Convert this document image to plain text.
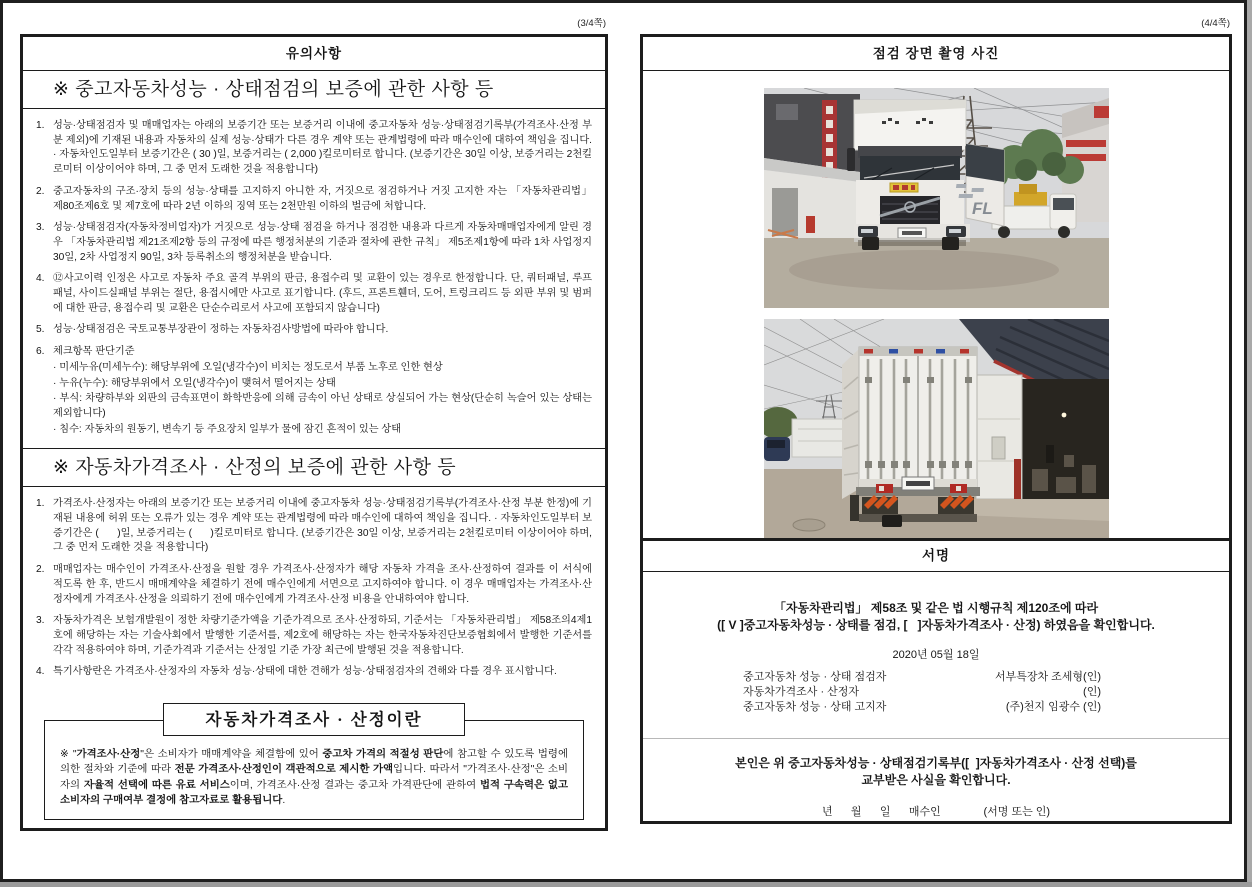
(3/4쪽)
유의사항
※ 중고자동차성능 · 상태점검의 보증에 관한 사항 등
1. 성능·상태점검자 및 매매업자는 아래의 보증기간 또는 보증거리 이내에 중고자동차 성능·상태점검기록부(가격조사·산정 부분 제외)에 기재된 내용과 자동차의 실제 성능·상태가 다른 경우 계약 또는 관계법령에 따라 매수인에 대하여 책임을 집니다. · 자동차인도일부터 보증기간은 ( 30 )일, 보증거리는 ( 2,000 )킬로미터로 합니다. (보증기간은 30일 이상, 보증거리는 2천킬로미터 이상이어야 하며, 그 중 먼저 도래한 것을 적용합니다)
2. 중고자동차의 구조·장치 등의 성능·상태를 고지하지 아니한 자, 거짓으로 점검하거나 거짓 고지한 자는 「자동차관리법」 제80조제6호 및 제7호에 따라 2년 이하의 징역 또는 2천만원 이하의 벌금에 처합니다.
3. 성능·상태점검자(자동차정비업자)가 거짓으로 성능·상태 점검을 하거나 점검한 내용과 다르게 자동차매매업자에게 알린 경우 「자동차관리법 제21조제2항 등의 규정에 따른 행정처분의 기준과 절차에 관한 규칙」 제5조제1항에 따라 1차 사업정지 30일, 2차 사업정지 90일, 3차 등록취소의 행정처분을 받습니다.
4. ⑫사고이력 인정은 사고로 자동차 주요 골격 부위의 판금, 용접수리 및 교환이 있는 경우로 한정합니다. 단, 쿼터패널, 루프패널, 사이드실패널 부위는 절단, 용접시에만 사고로 표기합니다. (후드, 프론트휀더, 도어, 트렁크리드 등 외판 부위 및 범퍼에 대한 판금, 용접수리 및 교환은 단순수리로서 사고에 포함되지 않습니다)
5. 성능·상태점검은 국토교통부장관이 정하는 자동차검사방법에 따라야 합니다.
6. 체크항목 판단기준
· 미세누유(미세누수): 해당부위에 오일(냉각수)이 비치는 정도로서 부품 노후로 인한 현상
· 누유(누수): 해당부위에서 오일(냉각수)이 맺혀서 떨어지는 상태
· 부식: 차량하부와 외판의 금속표면이 화학반응에 의해 금속이 아닌 상태로 상실되어 가는 현상(단순히 녹슬어 있는 상태는 제외합니다)
· 침수: 자동차의 원동기, 변속기 등 주요장치 일부가 물에 잠긴 흔적이 있는 상태
※ 자동차가격조사 · 산정의 보증에 관한 사항 등
1. 가격조사·산정자는 아래의 보증기간 또는 보증거리 이내에 중고자동차 성능·상태점검기록부(가격조사·산정 부분 한정)에 기재된 내용에 허위 또는 오류가 있는 경우 계약 또는 관계법령에 따라 매수인에 대하여 책임을 집니다. · 자동차인도일부터 보증기간은 (      )일, 보증거리는 (      )킬로미터로 합니다. (보증기간은 30일 이상, 보증거리는 2천킬로미터 이상이어야 하며, 그 중 먼저 도래한 것을 적용합니다)
2. 매매업자는 매수인이 가격조사·산정을 원할 경우 가격조사·산정자가 해당 자동차 가격을 조사·산정하여 결과를 이 서식에 적도록 한 후, 반드시 매매계약을 체결하기 전에 매수인에게 서면으로 고지하여야 합니다. 이 경우 매매업자는 가격조사·산정자에게 가격조사·산정을 의뢰하기 전에 매수인에게 가격조사·산정 비용을 안내하여야 합니다.
3. 자동차가격은 보험개발원이 정한 차량기준가액을 기준가격으로 조사·산정하되, 기준서는 「자동차관리법」 제58조의4제1호에 해당하는 자는 기술사회에서 발행한 기준서를, 제2호에 해당하는 자는 한국자동차진단보증협회에서 발행한 기준서를 각각 적용하여야 하며, 기준가격과 기준서는 산정일 기준 가장 최근에 발행된 것을 적용합니다.
4. 특기사항란은 가격조사·산정자의 자동차 성능·상태에 대한 견해가 성능·상태점검자의 견해와 다를 경우 표시합니다.
자동차가격조사 · 산정이란

※ "가격조사·산정"은 소비자가 매매계약을 체결함에 있어 중고차 가격의 적절성 판단에 참고할 수 있도록 법령에 의한 절차와 기준에 따라 전문 가격조사·산정인이 객관적으로 제시한 가액입니다. 따라서 "가격조사·산정"은 소비자의 자율적 선택에 따른 유료 서비스이며, 가격조사·산정 결과는 중고차 가격판단에 관하여 법적 구속력은 없고 소비자의 구매여부 결정에 참고자료로 활용됩니다.

(4/4쪽)
점검 장면 촬영 사진
FL
서명
「자동차관리법」 제58조 및 같은 법 시행규칙 제120조에 따라
([ V ]중고자동차성능 · 상태를 점검, [   ]자동차가격조사 · 산정) 하였음을 확인합니다.
2020년 05월 18일
중고자동차 성능 · 상태 점검자	서부특장차 조세형(인)
자동차가격조사 · 산정자	(인)
중고자동차 성능 · 상태 고지자	(주)천지 임광수 (인)
본인은 위 중고자동차성능 · 상태점검기록부([  ]자동차가격조사 · 산정 선택)를
교부받은 사실을 확인합니다.
년      월      일      매수인              (서명 또는 인)
